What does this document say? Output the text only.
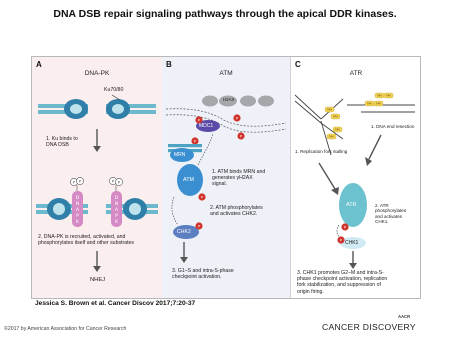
DNA DSB repair signaling pathways through the apical DDR kinases.
A
DNA-PK
P P	P P
D
N
A
P
K
D
N
A
P
K
Ku70/80
1. Ku binds to
DNA DSB
2. DNA-PK is recruited, activated, and
phosphorylates itself and other substrates
NHEJ
B
ATM
P	P
P
P
P
P
H2AX
MDC1
MRN
ATM
CHK2
1. ATM binds MRN and
generates γH2AX
signal.
2. ATM phosphorylates
and activates CHK2.
3. G1–S and intra-S-phase
checkpoint activation.
C
ATR
P
P
RPA RPA
RPA RPA
RPA
RPA
RPA
RPA
1. DNA end resection
1. Replication fork stalling
ATR
CHK1
2. ATR
phosphorylates
and activates
CHK1.
3. CHK1 promotes G2–M and intra-S-
phase checkpoint activation, replication
fork stabilization, and suppression of
origin firing.
Jessica S. Brown et al. Cancer Discov 2017;7:20-37
©2017 by American Association for Cancer Research
AACR
CANCER DISCOVERY
